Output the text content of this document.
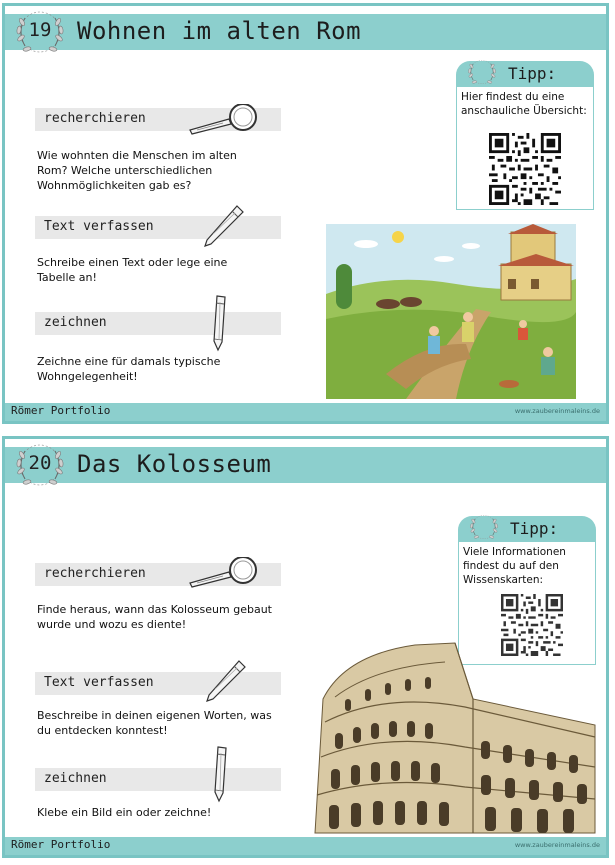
Wohnen im alten Rom
19
recherchieren
Wie wohnten die Menschen im alten
Rom? Welche unterschiedlichen
Wohnmöglichkeiten gab es?
Text verfassen
Schreibe einen Text oder lege eine
Tabelle an!
zeichnen
Zeichne eine für damals typische
Wohngelegenheit!
Tipp:
Hier findest du eine
anschauliche Übersicht:
Römer Portfolio	www.zaubereinmaleins.de
Das Kolosseum
20
recherchieren
Finde heraus, wann das Kolosseum gebaut
wurde und wozu es diente!
Text verfassen
Beschreibe in deinen eigenen Worten, was
du entdecken konntest!
zeichnen
Klebe ein Bild ein oder zeichne!
Tipp:
Viele Informationen
findest du auf den
Wissenskarten:
Römer Portfolio	www.zaubereinmaleins.de
